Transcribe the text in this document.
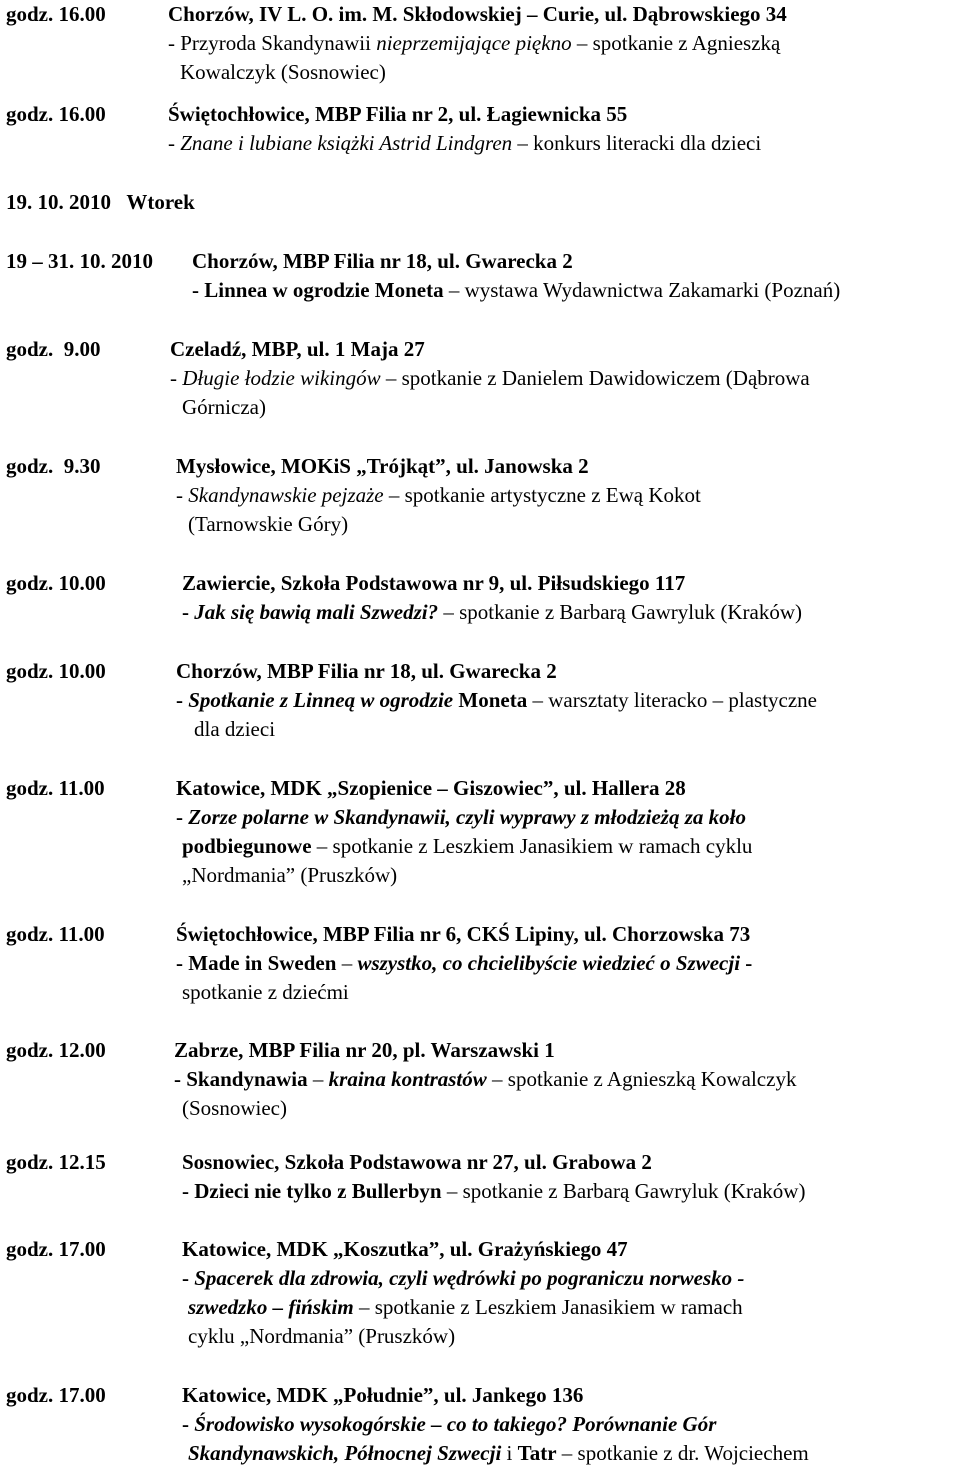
godz. 16.00	Chorzów, IV L. O. im. M. Skłodowskiej – Curie, ul. Dąbrowskiego 34
- Przyroda Skandynawii nieprzemijające piękno – spotkanie z Agnieszką
Kowalczyk (Sosnowiec)
godz. 16.00	Świętochłowice, MBP Filia nr 2, ul. Łagiewnicka 55
- Znane i lubiane książki Astrid Lindgren – konkurs literacki dla dzieci
19. 10. 2010   Wtorek
19 – 31. 10. 2010 Chorzów, MBP Filia nr 18, ul. Gwarecka 2
- Linnea w ogrodzie Moneta – wystawa Wydawnictwa Zakamarki (Poznań)
godz.  9.00	Czeladź, MBP, ul. 1 Maja 27
- Długie łodzie wikingów – spotkanie z Danielem Dawidowiczem (Dąbrowa
Górnicza)
godz.  9.30	Mysłowice, MOKiS „Trójkąt”, ul. Janowska 2
- Skandynawskie pejzaże – spotkanie artystyczne z Ewą Kokot
(Tarnowskie Góry)
godz. 10.00	Zawiercie, Szkoła Podstawowa nr 9, ul. Piłsudskiego 117
- Jak się bawią mali Szwedzi? – spotkanie z Barbarą Gawryluk (Kraków)
godz. 10.00	Chorzów, MBP Filia nr 18, ul. Gwarecka 2
- Spotkanie z Linneą w ogrodzie Moneta – warsztaty literacko – plastyczne
dla dzieci
godz. 11.00	Katowice, MDK „Szopienice – Giszowiec”, ul. Hallera 28
- Zorze polarne w Skandynawii, czyli wyprawy z młodzieżą za koło
podbiegunowe – spotkanie z Leszkiem Janasikiem w ramach cyklu
„Nordmania” (Pruszków)
godz. 11.00	Świętochłowice, MBP Filia nr 6, CKŚ Lipiny, ul. Chorzowska 73
- Made in Sweden – wszystko, co chcielibyście wiedzieć o Szwecji -
spotkanie z dziećmi
godz. 12.00	Zabrze, MBP Filia nr 20, pl. Warszawski 1
- Skandynawia – kraina kontrastów – spotkanie z Agnieszką Kowalczyk
(Sosnowiec)
godz. 12.15	Sosnowiec, Szkoła Podstawowa nr 27, ul. Grabowa 2
- Dzieci nie tylko z Bullerbyn – spotkanie z Barbarą Gawryluk (Kraków)
godz. 17.00	Katowice, MDK „Koszutka”, ul. Grażyńskiego 47
- Spacerek dla zdrowia, czyli wędrówki po pograniczu norwesko -
szwedzko – fińskim – spotkanie z Leszkiem Janasikiem w ramach
cyklu „Nordmania” (Pruszków)
godz. 17.00	Katowice, MDK „Południe”, ul. Jankego 136
- Środowisko wysokogórskie – co to takiego? Porównanie Gór
Skandynawskich, Północnej Szwecji i Tatr – spotkanie z dr. Wojciechem
